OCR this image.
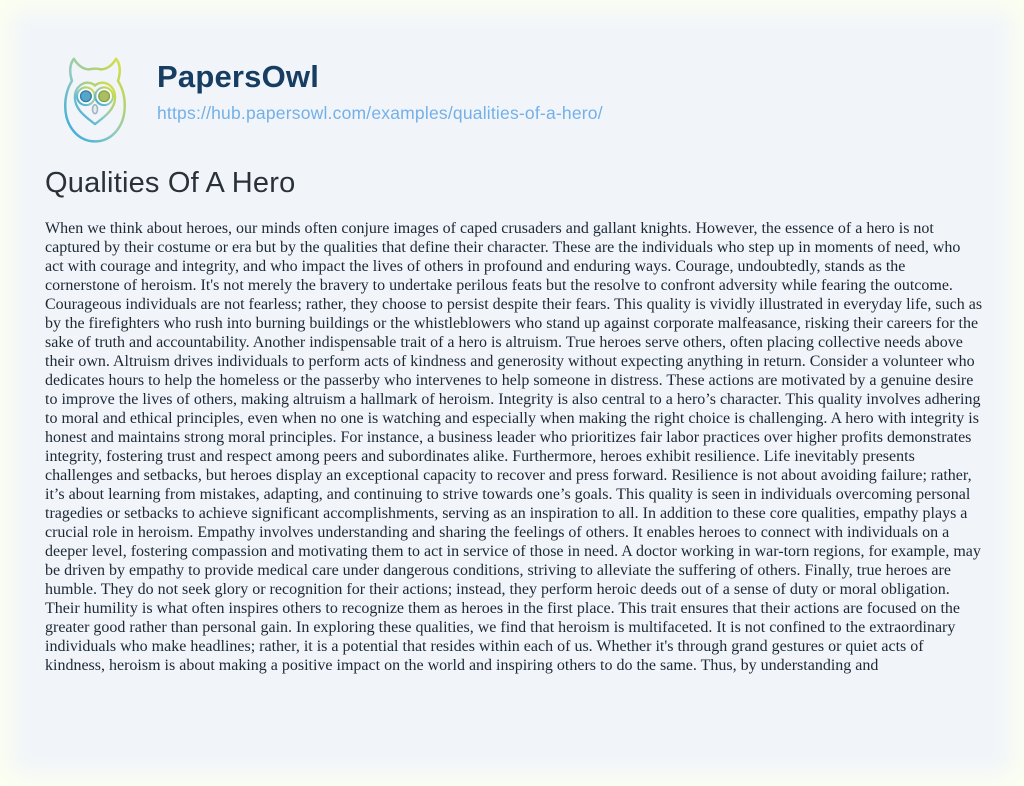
PapersOwl
https://hub.papersowl.com/examples/qualities-of-a-hero/
Qualities Of A Hero
When we think about heroes, our minds often conjure images of caped crusaders and gallant knights. However, the essence of a hero is not captured by their costume or era but by the qualities that define their character. These are the individuals who step up in moments of need, who act with courage and integrity, and who impact the lives of others in profound and enduring ways. Courage, undoubtedly, stands as the cornerstone of heroism. It's not merely the bravery to undertake perilous feats but the resolve to confront adversity while fearing the outcome. Courageous individuals are not fearless; rather, they choose to persist despite their fears. This quality is vividly illustrated in everyday life, such as by the firefighters who rush into burning buildings or the whistleblowers who stand up against corporate malfeasance, risking their careers for the sake of truth and accountability. Another indispensable trait of a hero is altruism. True heroes serve others, often placing collective needs above their own. Altruism drives individuals to perform acts of kindness and generosity without expecting anything in return. Consider a volunteer who dedicates hours to help the homeless or the passerby who intervenes to help someone in distress. These actions are motivated by a genuine desire to improve the lives of others, making altruism a hallmark of heroism. Integrity is also central to a hero’s character. This quality involves adhering to moral and ethical principles, even when no one is watching and especially when making the right choice is challenging. A hero with integrity is honest and maintains strong moral principles. For instance, a business leader who prioritizes fair labor practices over higher profits demonstrates integrity, fostering trust and respect among peers and subordinates alike. Furthermore, heroes exhibit resilience. Life inevitably presents challenges and setbacks, but heroes display an exceptional capacity to recover and press forward. Resilience is not about avoiding failure; rather, it’s about learning from mistakes, adapting, and continuing to strive towards one’s goals. This quality is seen in individuals overcoming personal tragedies or setbacks to achieve significant accomplishments, serving as an inspiration to all. In addition to these core qualities, empathy plays a crucial role in heroism. Empathy involves understanding and sharing the feelings of others. It enables heroes to connect with individuals on a deeper level, fostering compassion and motivating them to act in service of those in need. A doctor working in war-torn regions, for example, may be driven by empathy to provide medical care under dangerous conditions, striving to alleviate the suffering of others. Finally, true heroes are humble. They do not seek glory or recognition for their actions; instead, they perform heroic deeds out of a sense of duty or moral obligation. Their humility is what often inspires others to recognize them as heroes in the first place. This trait ensures that their actions are focused on the greater good rather than personal gain. In exploring these qualities, we find that heroism is multifaceted. It is not confined to the extraordinary individuals who make headlines; rather, it is a potential that resides within each of us. Whether it's through grand gestures or quiet acts of kindness, heroism is about making a positive impact on the world and inspiring others to do the same. Thus, by understanding and
